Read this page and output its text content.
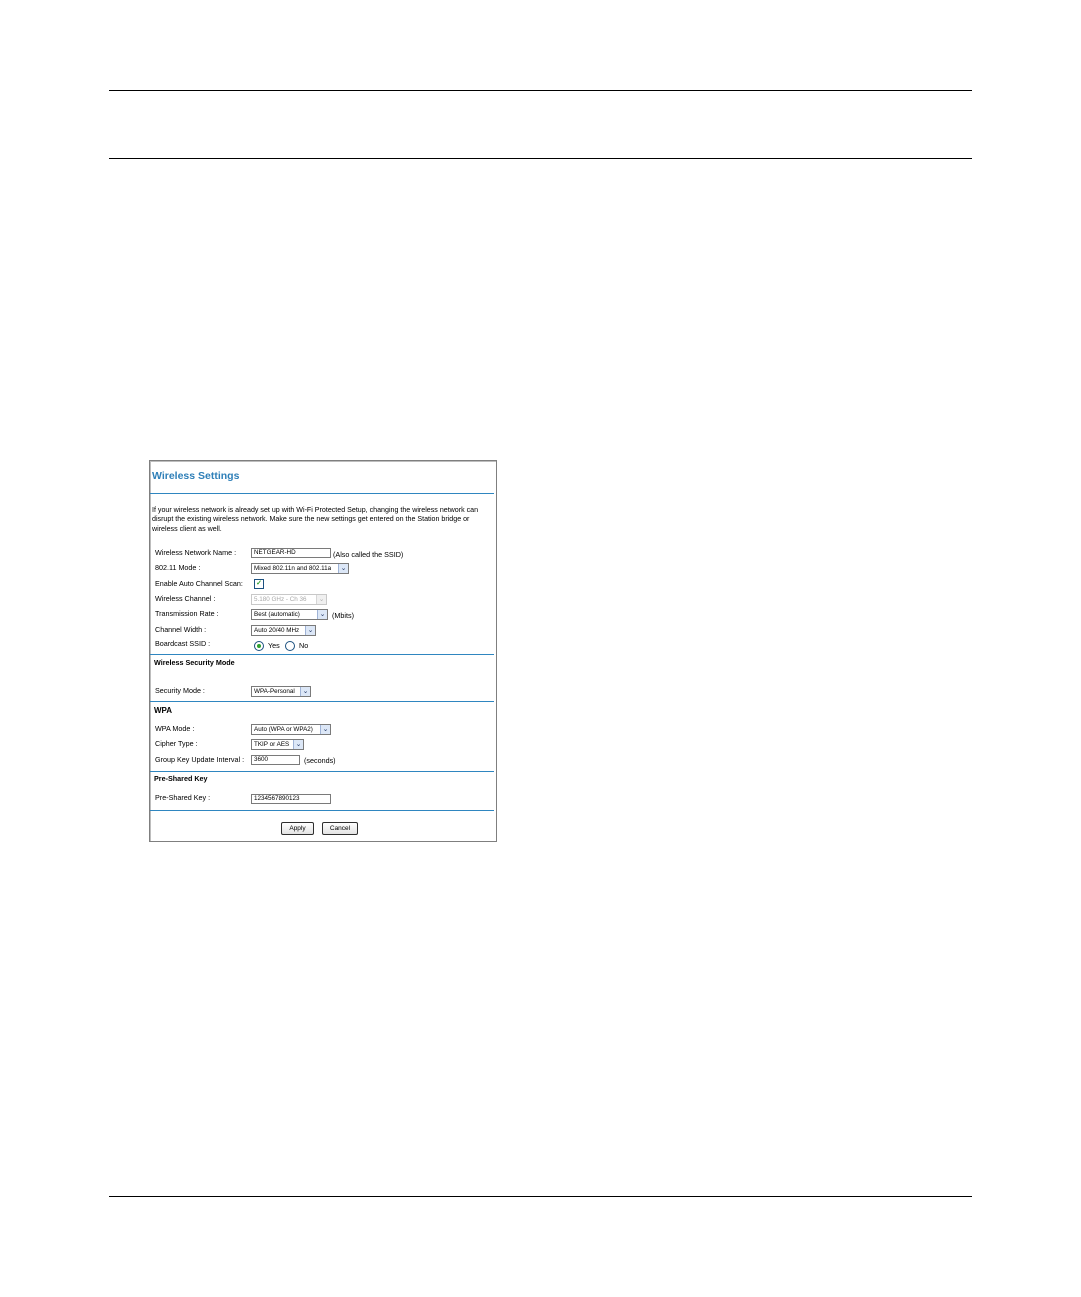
Wireless Settings
If your wireless network is already set up with Wi-Fi Protected Setup, changing the wireless network can disrupt the existing wireless network. Make sure the new settings get entered on the Station bridge or wireless client as well.
Wireless Network Name :	NETGEAR-HD	(Also called the SSID)
802.11 Mode :	Mixed 802.11n and 802.11a	⌄
Enable Auto Channel Scan: ✓
Wireless Channel :	5.180 GHz - Ch 36	⌄
Transmission Rate :	Best (automatic)	⌄ (Mbits)
Channel Width :	Auto 20/40 MHz	⌄
Boardcast SSID :	Yes	No
Wireless Security Mode
Security Mode :	WPA-Personal	⌄
WPA
WPA Mode :	Auto (WPA or WPA2)	⌄
Cipher Type :	TKIP or AES ⌄
Group Key Update Interval :	3600	(seconds)
Pre-Shared Key
Pre-Shared Key :	1234567890123
Apply	Cancel
